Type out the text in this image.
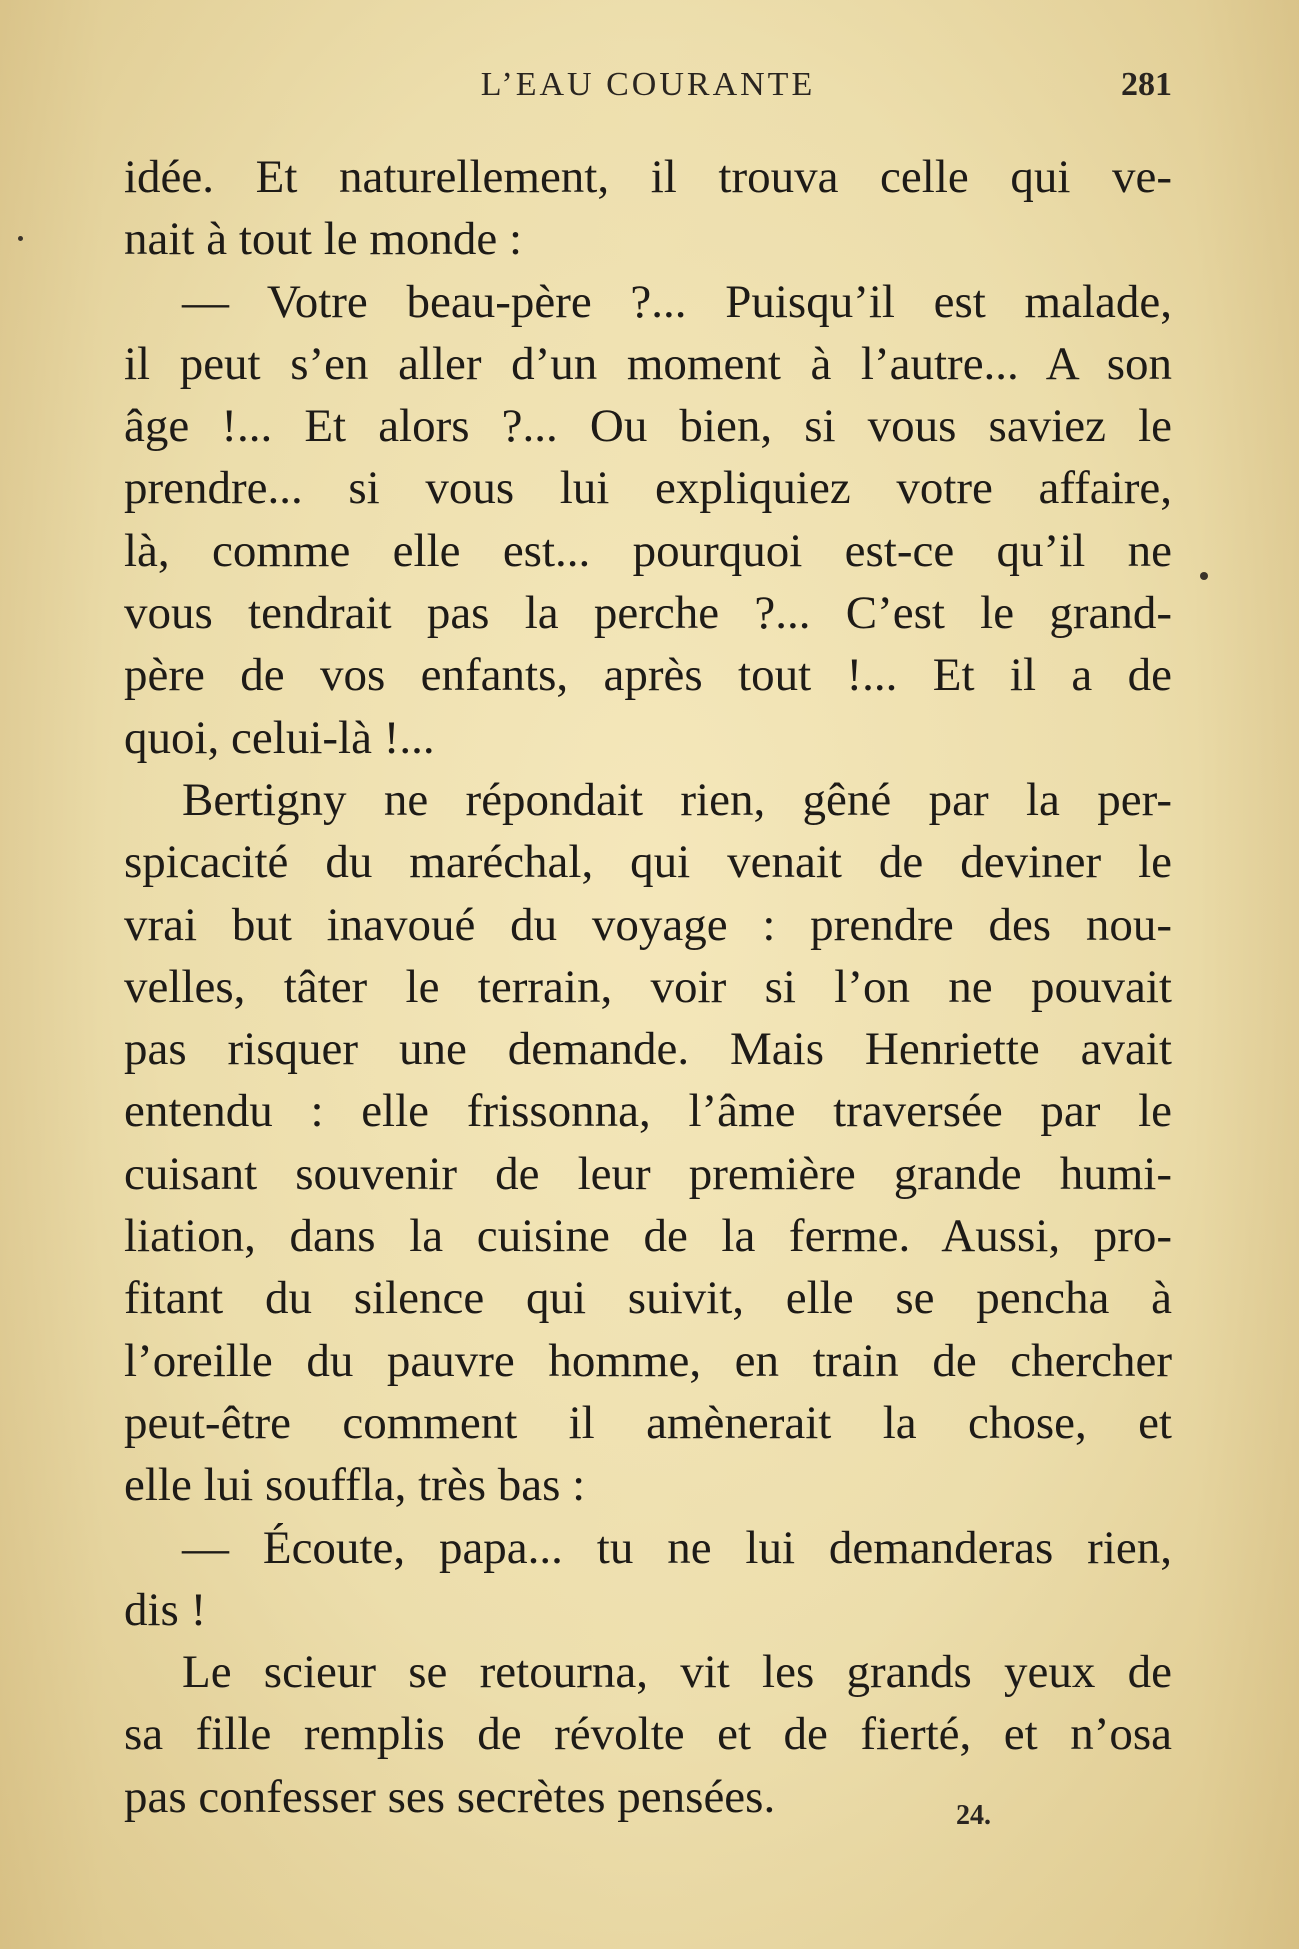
L’EAU COURANTE	281
idée. Et naturellement, il trouva celle qui ve-
nait à tout le monde :
— Votre beau-père ?... Puisqu’il est malade,
il peut s’en aller d’un moment à l’autre... A son
âge !... Et alors ?... Ou bien, si vous saviez le
prendre... si vous lui expliquiez votre affaire,
là, comme elle est... pourquoi est-ce qu’il ne
vous tendrait pas la perche ?... C’est le grand-
père de vos enfants, après tout !... Et il a de
quoi, celui-là !...
Bertigny ne répondait rien, gêné par la per-
spicacité du maréchal, qui venait de deviner le
vrai but inavoué du voyage : prendre des nou-
velles, tâter le terrain, voir si l’on ne pouvait
pas risquer une demande. Mais Henriette avait
entendu : elle frissonna, l’âme traversée par le
cuisant souvenir de leur première grande humi-
liation, dans la cuisine de la ferme. Aussi, pro-
fitant du silence qui suivit, elle se pencha à
l’oreille du pauvre homme, en train de chercher
peut-être comment il amènerait la chose, et
elle lui souffla, très bas :
— Écoute, papa... tu ne lui demanderas rien,
dis !
Le scieur se retourna, vit les grands yeux de
sa fille remplis de révolte et de fierté, et n’osa
pas confesser ses secrètes pensées.	24.
